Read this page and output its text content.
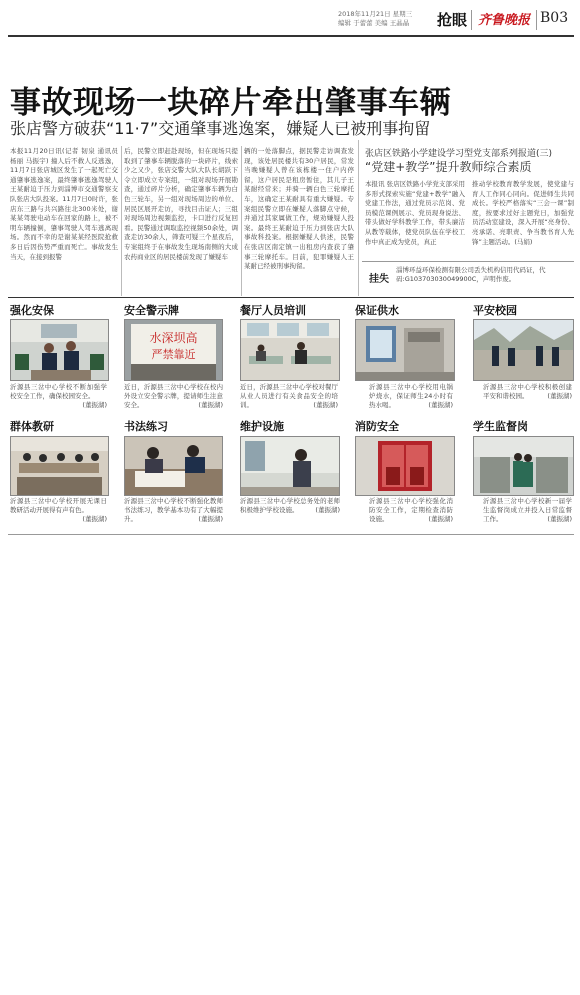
2018年11月21日 星期三
编辑 于蕾蕾 美编 王晶晶 抢眼 齐鲁晚报 B03
事故现场一块碎片牵出肇事车辆
张店警方破获“11·7”交通肇事逃逸案，嫌疑人已被刑事拘留
本报11月20日讯(记者 韧泉 通讯员 杨丽 马振宇) 撞人后不救人反逃逸，11月7日张店城区发生了一起死亡交通肇事逃逸案，最终肇事逃逸驾驶人王某耐迫于压力到淄博市交通警察支队张店大队投案。11月7日0时许，张店东三路与共兴路往北300米处，谢某某驾驶电动车在回家的路上，被不明车辆撞倒，肇事驾驶人驾车逃离现场。然而不幸的是谢某某经医院抢救多日后因伤势严重而死亡。事故发生当天，在接到报警
后，民警立即赶赴现场，但在现场只提取到了肇事车辆脱落的一块碎片，线索少之又少，张店交警大队大队长胡跃下令立即成立专案组，一组对现场开展勘查，通过碎片分析，确定肇事车辆为白色三轮车，另一组对现场周边的单位、居民区展开走访，寻找目击证人；三组对现场周边视频监控，卡口进行反复回看。民警通过调取监控视频50余处，调查走访30余人，筛查可疑三个星夜后，专案组终于在事故发生现场南侧的大成农药商业区的居民楼前发现了嫌疑车
辆的一处落脚点，据民警走访调查发现，该处居民楼共有30户居民，常发当晚嫌疑人曾在该栋楼一住户内停留，这户居民是租房暂住，其儿子王某耐经常来；并骑一辆白色三轮摩托车，这确定王某耐具有重大嫌疑。专案组民警立即在嫌疑人落脚点守候，并通过其家属做工作，规劝嫌疑人投案。最终王某耐迫于压力到张店大队事故科投案。根据嫌疑人供述，民警在张店区南定镇一出租房内查获了肇事三轮摩托车。目前，犯罪嫌疑人王某耐已经被刑事拘留。
张店区铁路小学建设学习型党支部系列报道(三)
“党建+教学”提升教师综合素质
本报讯 张店区铁路小学党支部采用多形式探索实施“党建+教学”融入党建工作法，通过党员示范岗、党员模范课例展示、党员现身说法、带头做好学科教学工作，带头廉洁从教等载体，使党员队伍在学校工作中真正成为党员，真正
推动学校教育教学发展，使党建与育人工作同心同向。促进师生共同成长。学校严格落实“三会一课”制度，按要求过好主题党日，加强党员活动室建设，深入开展“亮身份、亮承诺、亮职责、争当教书育人先锋”主题活动。(马娟)
挂失
淄博环益环保检测有限公司丢失机构信用代码证，代码:G103703030049900C，声明作废。
强化安保
沂源县三岔中心学校不断加强学校安全工作，确保校园安全。
(董振湖)
安全警示牌
水深坝高
严禁靠近
近日，沂源县三岔中心学校在校内外设立安全警示牌，提请师生注意安全。	(董振湖)
餐厅人员培训
近日，沂源县三岔中心学校对餐厅从业人员进行有关食品安全的培训。	(董振湖)
保证供水
沂源县三岔中心学校用电锅炉烧水，保证师生24小时有热水喝。	(董振湖)
平安校园
沂源县三岔中心学校积极创建平安和谐校园。	(董振湖)
群体教研
沂源县三岔中心学校开展无课日教研活动开展得有声有色。
(董振湖)
书法练习
沂源县三岔中心学校不断强化教师书法练习，教学基本功有了大幅提升。	(董振湖)
维护设施
沂源县三岔中心学校总务处的老师积极维护学校设施。	(董振湖)
消防安全
沂源县三岔中心学校强化消防安全工作，定期检查消防设施。	(董振湖)
学生监督岗
沂源县三岔中心学校新一届学生监督岗成立并投入日常监督工作。	(董振湖)
